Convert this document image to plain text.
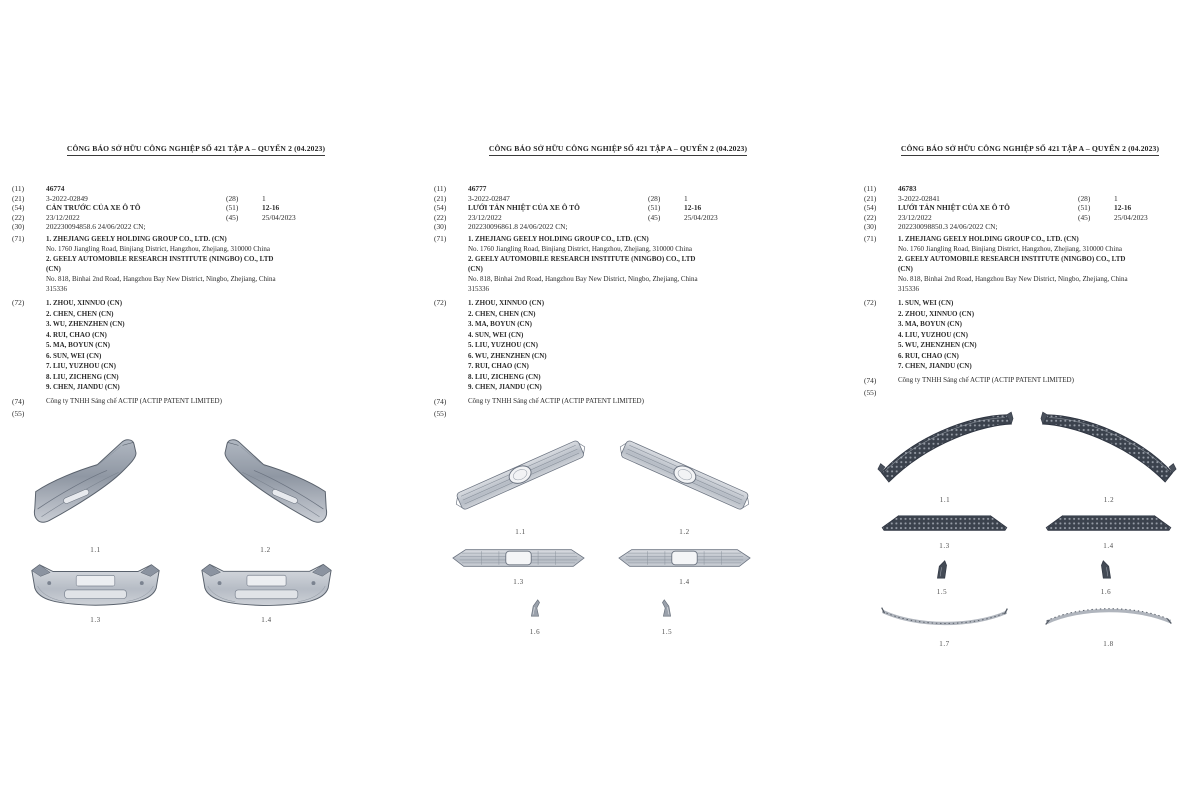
CÔNG BÁO SỞ HỮU CÔNG NGHIỆP SỐ 421 TẬP A – QUYỂN 2 (04.2023)
(11)	46774
(21)	3-2022-02849	(28)	1
(54)	CẢN TRƯỚC CỦA XE Ô TÔ	(51)	12-16
(22)	23/12/2022	(45)	25/04/2023
(30)	202230094858.6 24/06/2022 CN;
(71)	1. ZHEJIANG GEELY HOLDING GROUP CO., LTD. (CN)
No. 1760 Jiangling Road, Binjiang District, Hangzhou, Zhejiang, 310000 China
2. GEELY AUTOMOBILE RESEARCH INSTITUTE (NINGBO) CO., LTD
(CN)
No. 818, Binhai 2nd Road, Hangzhou Bay New District, Ningbo, Zhejiang, China
315336
(72)	1. ZHOU, XINNUO (CN)
2. CHEN, CHEN (CN)
3. WU, ZHENZHEN (CN)
4. RUI, CHAO (CN)
5. MA, BOYUN (CN)
6. SUN, WEI (CN)
7. LIU, YUZHOU (CN)
8. LIU, ZICHENG (CN)
9. CHEN, JIANDU (CN)
(74)	Công ty TNHH Sáng chế ACTIP (ACTIP PATENT LIMITED)
(55)
1.1	1.2
1.3	1.4
CÔNG BÁO SỞ HỮU CÔNG NGHIỆP SỐ 421 TẬP A – QUYỂN 2 (04.2023)
(11)	46777
(21)	3-2022-02847	(28)	1
(54)	LƯỚI TẢN NHIỆT CỦA XE Ô TÔ	(51)	12-16
(22)	23/12/2022	(45)	25/04/2023
(30)	202230096861.8 24/06/2022 CN;
(71)	1. ZHEJIANG GEELY HOLDING GROUP CO., LTD. (CN)
No. 1760 Jiangling Road, Binjiang District, Hangzhou, Zhejiang, 310000 China
2. GEELY AUTOMOBILE RESEARCH INSTITUTE (NINGBO) CO., LTD
(CN)
No. 818, Binhai 2nd Road, Hangzhou Bay New District, Ningbo, Zhejiang, China
315336
(72)	1. ZHOU, XINNUO (CN)
2. CHEN, CHEN (CN)
3. MA, BOYUN (CN)
4. SUN, WEI (CN)
5. LIU, YUZHOU (CN)
6. WU, ZHENZHEN (CN)
7. RUI, CHAO (CN)
8. LIU, ZICHENG (CN)
9. CHEN, JIANDU (CN)
(74)	Công ty TNHH Sáng chế ACTIP (ACTIP PATENT LIMITED)
(55)
1.1	1.2
1.3	1.4
1.6	1.5
CÔNG BÁO SỞ HỮU CÔNG NGHIỆP SỐ 421 TẬP A – QUYỂN 2 (04.2023)
(11)	46783
(21)	3-2022-02841	(28)	1
(54)	LƯỚI TẢN NHIỆT CỦA XE Ô TÔ	(51)	12-16
(22)	23/12/2022	(45)	25/04/2023
(30)	202230098850.3 24/06/2022 CN;
(71)	1. ZHEJIANG GEELY HOLDING GROUP CO., LTD. (CN)
No. 1760 Jiangling Road, Binjiang District, Hangzhou, Zhejiang, 310000 China
2. GEELY AUTOMOBILE RESEARCH INSTITUTE (NINGBO) CO., LTD
(CN)
No. 818, Binhai 2nd Road, Hangzhou Bay New District, Ningbo, Zhejiang, China
315336
(72)	1. SUN, WEI (CN)
2. ZHOU, XINNUO (CN)
3. MA, BOYUN (CN)
4. LIU, YUZHOU (CN)
5. WU, ZHENZHEN (CN)
6. RUI, CHAO (CN)
7. CHEN, JIANDU (CN)
(74)	Công ty TNHH Sáng chế ACTIP (ACTIP PATENT LIMITED)
(55)
1.1	1.2
1.3	1.4
1.5	1.6
1.7	1.8
